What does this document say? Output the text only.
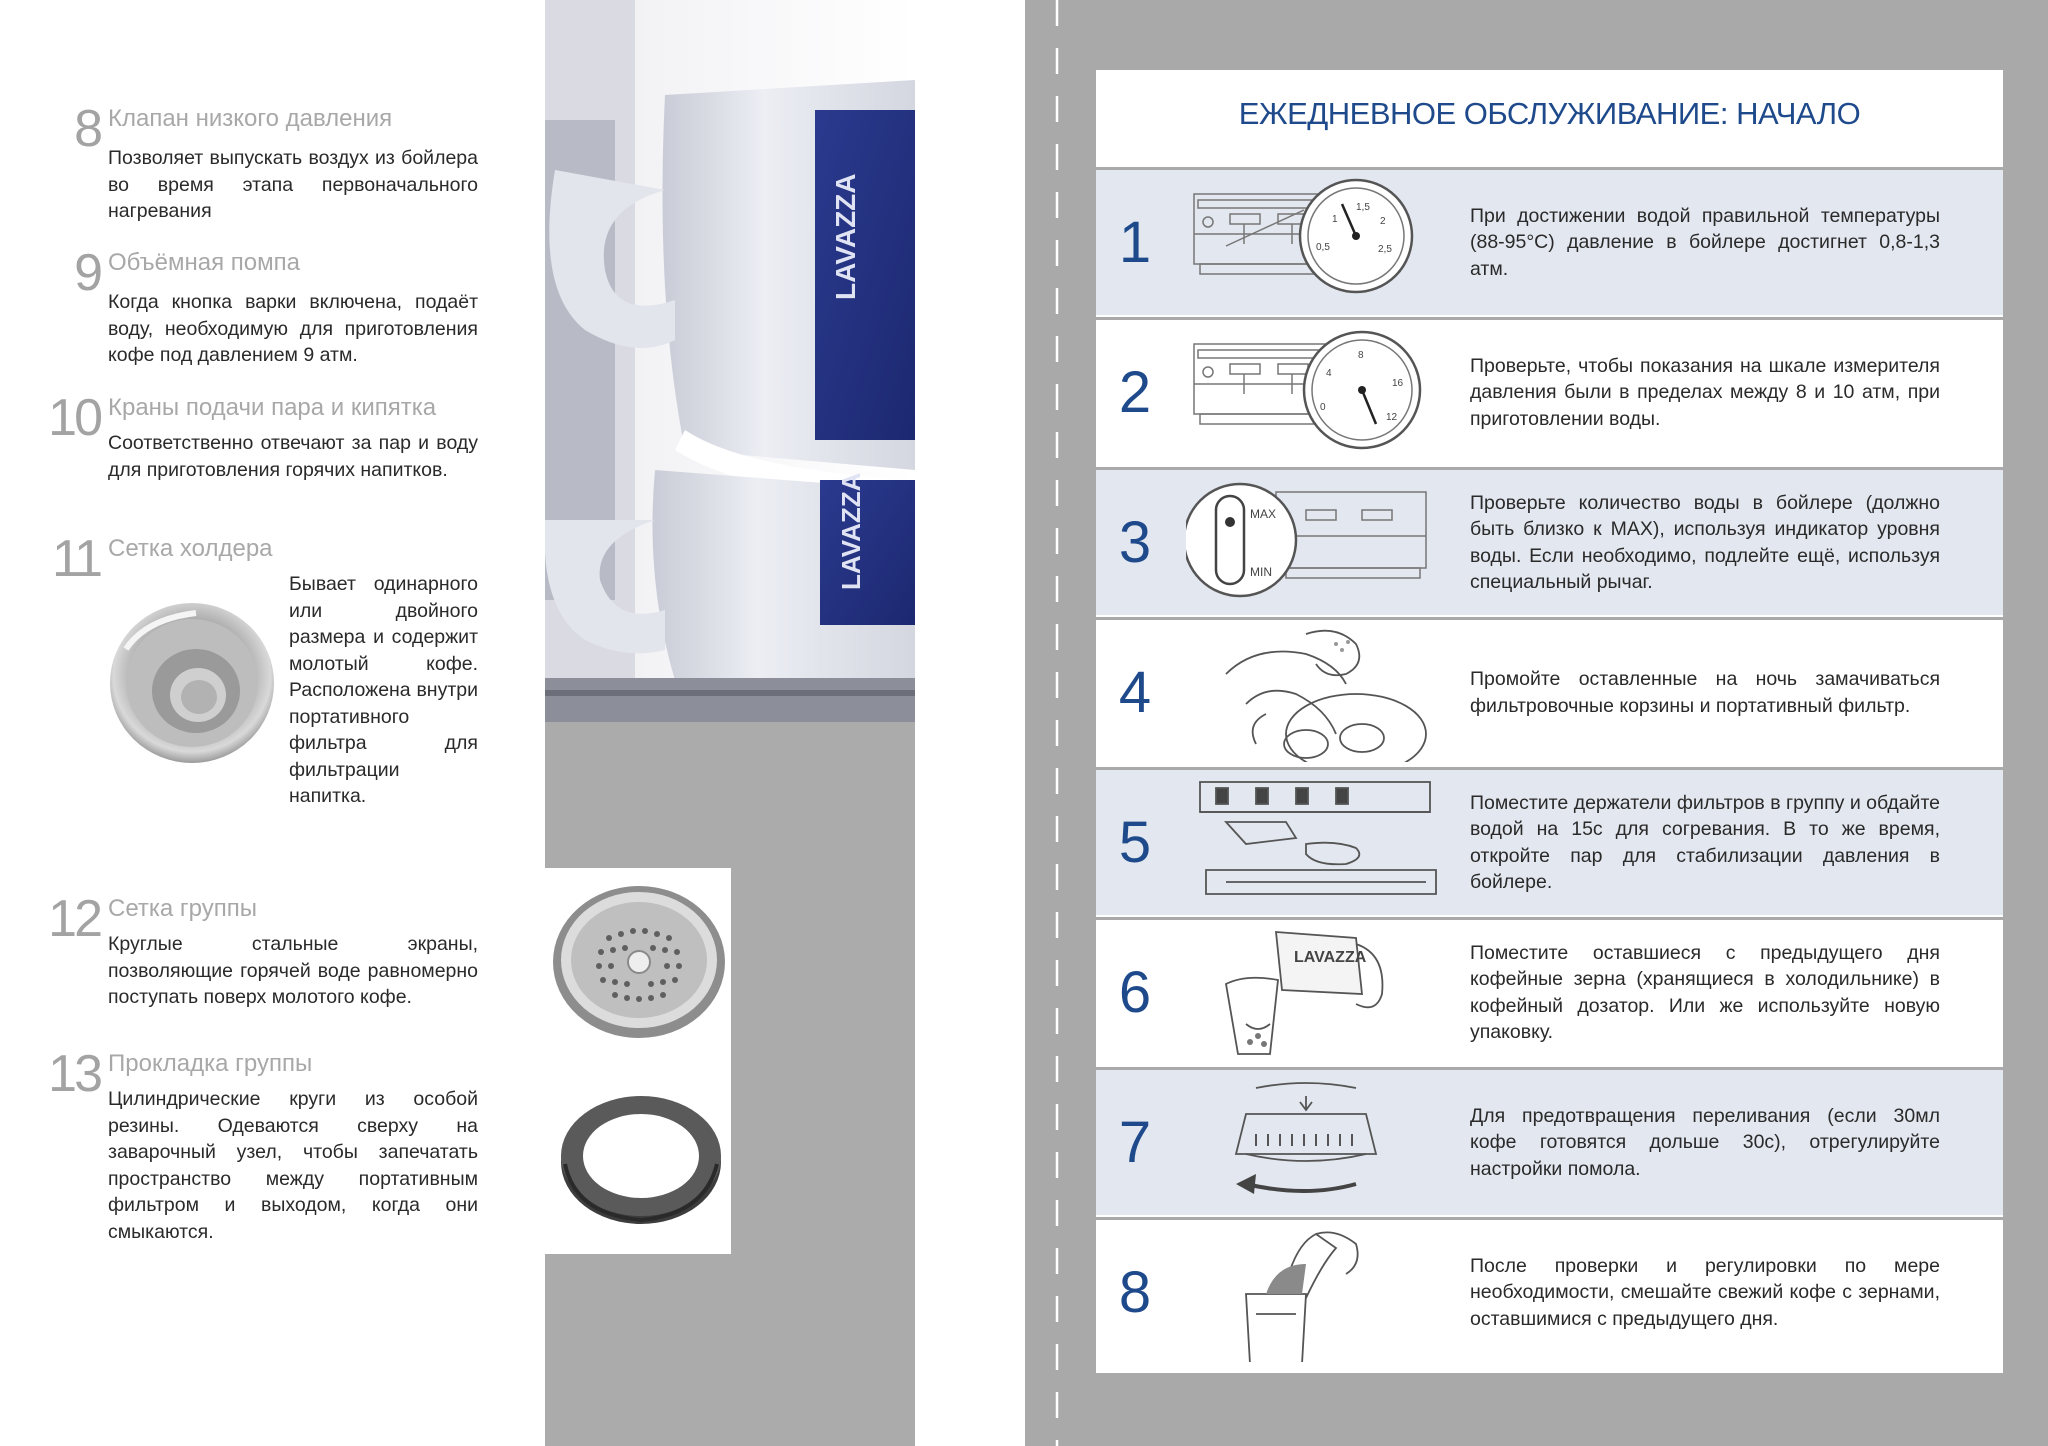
8 Клапан низкого давления

Позволяет выпускать воздух из бойлера во время этапа первоначального нагревания

9 Объёмная помпа

Когда кнопка варки включена, подаёт воду, необходимую для приготовления кофе под давлением 9 атм.

10 Краны подачи пара и кипятка

Соответственно отвечают за пар и воду для приготовления горячих напитков.

11 Сетка холдера

Бывает одинарного или двойного размера и содержит молотый кофе. Расположена внутри портативного фильтра для фильтрации напитка.

12 Сетка группы

Круглые стальные экраны, позволяющие горячей воде равномерно поступать поверх молотого кофе.

13 Прокладка группы

Цилиндрические круги из особой резины. Одеваются сверху на заварочный узел, чтобы запечатать пространство между портативным фильтром и выходом, когда они смыкаются.

LAVAZZA
LAVAZZA
ЕЖЕДНЕВНОЕ ОБСЛУЖИВАНИЕ: НАЧАЛО
1	0,5
1
1,5
2
2,5
При достижении водой правильной температуры (88-95°C) давление в бойлере достигнет 0,8-1,3 атм.
2	0
4
8
12
16
Проверьте, чтобы показания на шкале измерителя давления были в пределах между 8 и 10 атм, при приготовлении воды.
3	MAX
MIN
Проверьте количество воды в бойлере (должно быть близко к MAX), используя индикатор уровня воды. Если необходимо, подлейте ещё, используя специальный рычаг.
4	Промойте оставленные на ночь замачиваться фильтровочные корзины и портативный фильтр.
5
Поместите держатели фильтров в группу и обдайте водой на 15с для согревания. В то же время, откройте пар для стабилизации давления в бойлере.
6
LAVAZZA	Поместите оставшиеся с предыдущего дня кофейные зерна (хранящиеся в холодильнике) в кофейный дозатор. Или же используйте новую упаковку.
7	Для предотвращения переливания (если 30мл кофе готовятся дольше 30с), отрегулируйте настройки помола.
8	После проверки и регулировки по мере необходимости, смешайте свежий кофе с зернами, оставшимися с предыдущего дня.
